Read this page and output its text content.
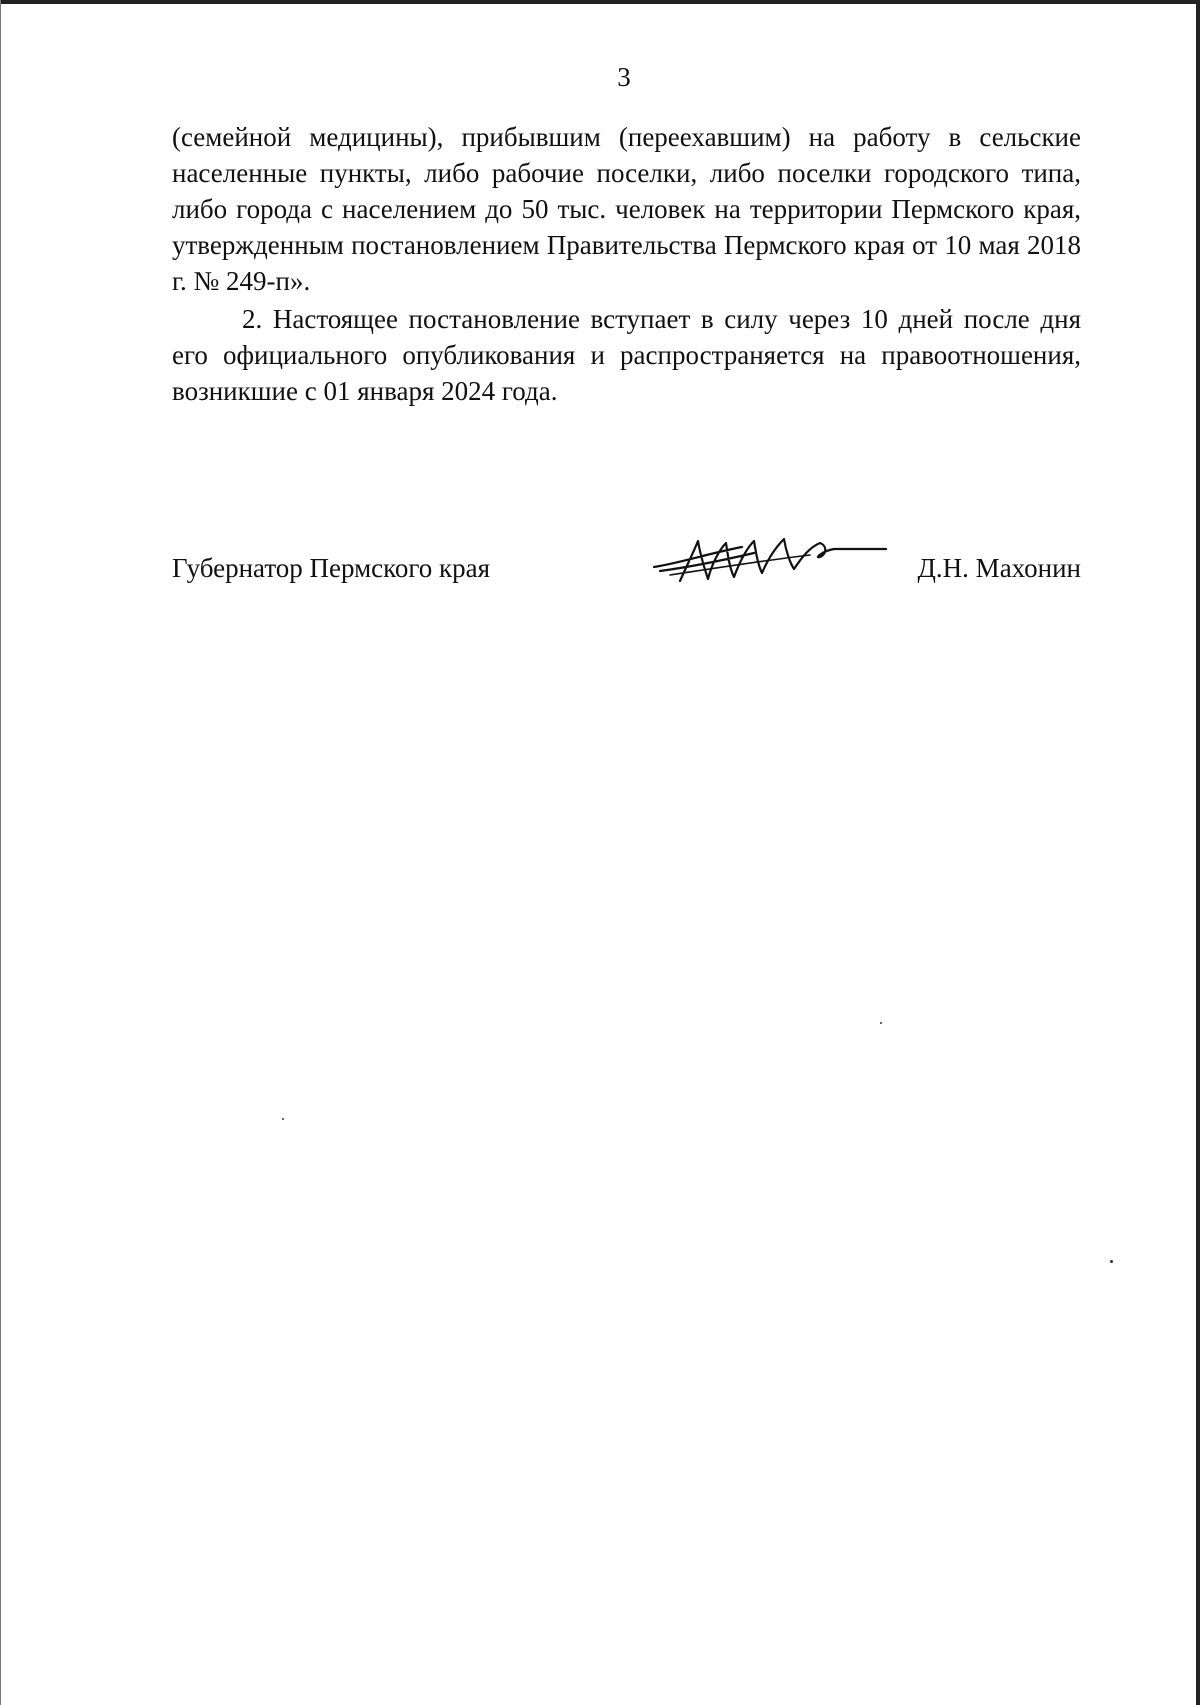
3

(семейной медицины), прибывшим (переехавшим) на работу в сельские населенные пункты, либо рабочие поселки, либо поселки городского типа, либо города с населением до 50 тыс. человек на территории Пермского края, утвержденным постановлением Правительства Пермского края от 10 мая 2018 г. № 249-п».

2. Настоящее постановление вступает в силу через 10 дней после дня его официального опубликования и распространяется на правоотношения, возникшие с 01 января 2024 года.

Губернатор Пермского края	Д.Н. Махонин
